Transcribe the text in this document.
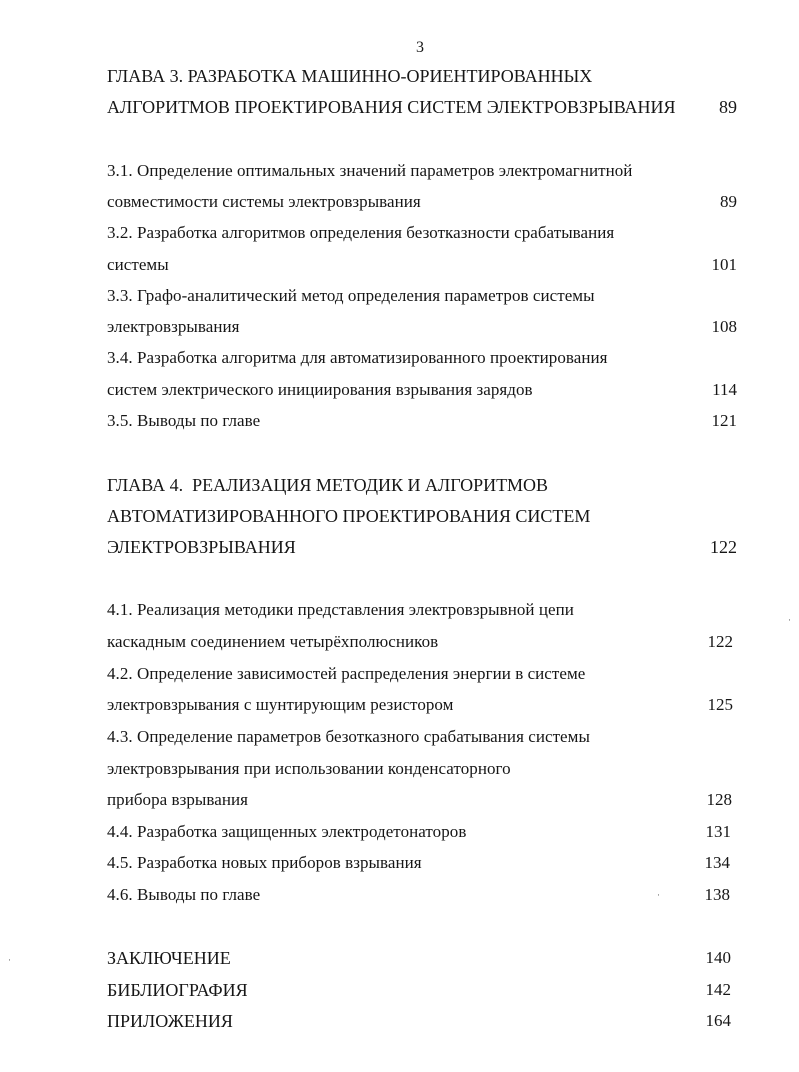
3
ГЛАВА 3. РАЗРАБОТКА МАШИННО-ОРИЕНТИРОВАННЫХ
АЛГОРИТМОВ ПРОЕКТИРОВАНИЯ СИСТЕМ ЭЛЕКТРОВЗРЫВАНИЯ 89
3.1. Определение оптимальных значений параметров электромагнитной
совместимости системы электровзрывания	89
3.2. Разработка алгоритмов определения безотказности срабатывания
системы	101
3.3. Графо-аналитический метод определения параметров системы
электровзрывания	108
3.4. Разработка алгоритма для автоматизированного проектирования
систем электрического инициирования взрывания зарядов	114
3.5. Выводы по главе	121
ГЛАВА 4.  РЕАЛИЗАЦИЯ МЕТОДИК И АЛГОРИТМОВ
АВТОМАТИЗИРОВАННОГО ПРОЕКТИРОВАНИЯ СИСТЕМ
ЭЛЕКТРОВЗРЫВАНИЯ	122
4.1. Реализация методики представления электровзрывной цепи
каскадным соединением четырёхполюсников	122
4.2. Определение зависимостей распределения энергии в системе
электровзрывания с шунтирующим резистором	125
4.3. Определение параметров безотказного срабатывания системы
электровзрывания при использовании конденсаторного
прибора взрывания	128
4.4. Разработка защищенных электродетонаторов	131
4.5. Разработка новых приборов взрывания	134
4.6. Выводы по главе	138
ЗАКЛЮЧЕНИЕ	140
БИБЛИОГРАФИЯ	142
ПРИЛОЖЕНИЯ	164
·
·
·
